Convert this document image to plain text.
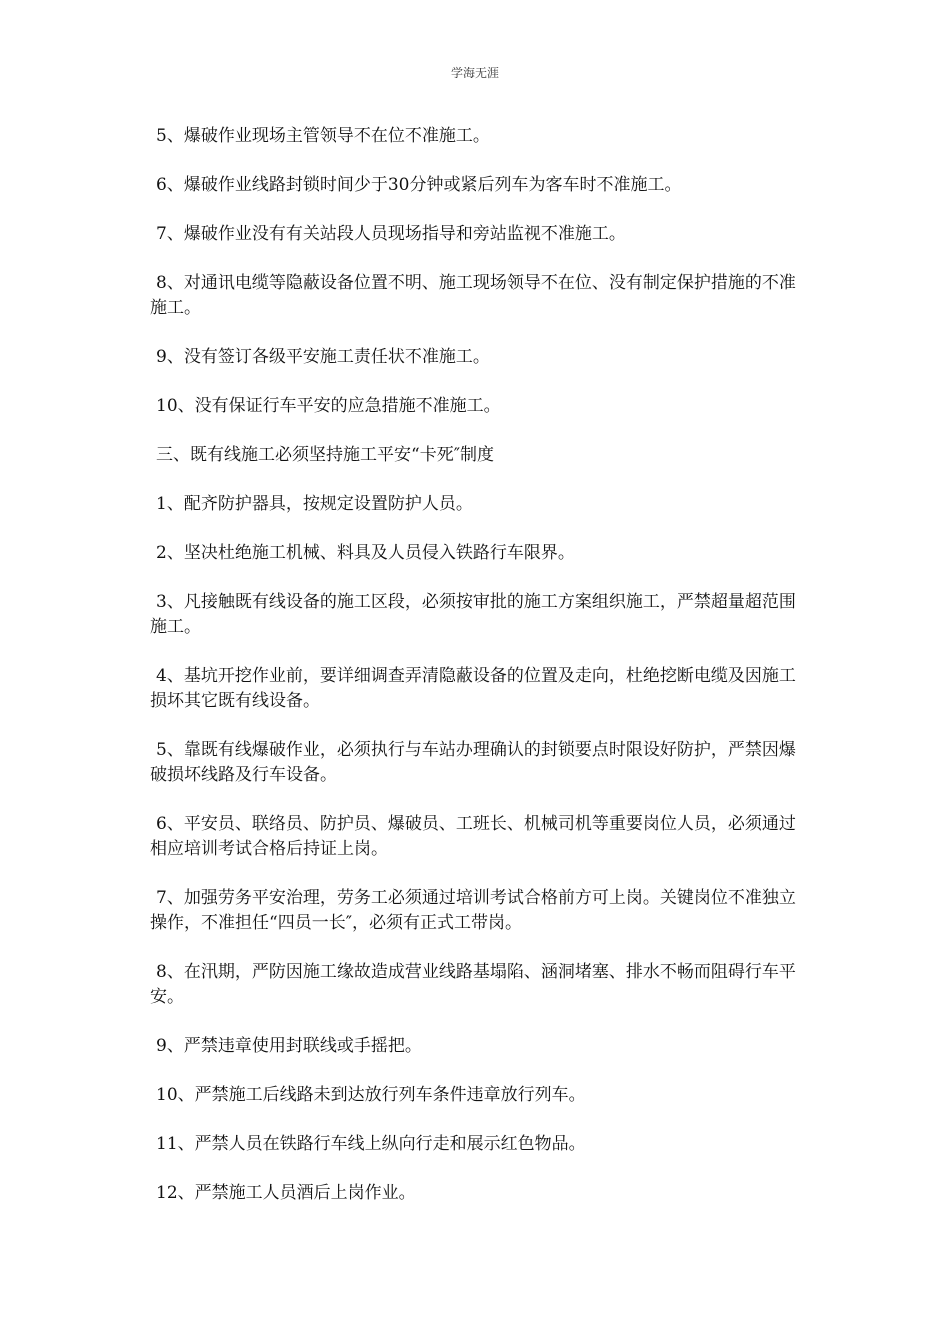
学海无涯

5、爆破作业现场主管领导不在位不准施工。

6、爆破作业线路封锁时间少于30分钟或紧后列车为客车时不准施工。

7、爆破作业没有有关站段人员现场指导和旁站监视不准施工。

8、对通讯电缆等隐蔽设备位置不明、施工现场领导不在位、没有制定保护措施的不准施工。

9、没有签订各级平安施工责任状不准施工。

10、没有保证行车平安的应急措施不准施工。

三、既有线施工必须坚持施工平安“卡死″制度

1、配齐防护器具，按规定设置防护人员。

2、坚决杜绝施工机械、料具及人员侵入铁路行车限界。

3、凡接触既有线设备的施工区段，必须按审批的施工方案组织施工，严禁超量超范围施工。

4、基坑开挖作业前，要详细调查弄清隐蔽设备的位置及走向，杜绝挖断电缆及因施工损坏其它既有线设备。

5、靠既有线爆破作业，必须执行与车站办理确认的封锁要点时限设好防护，严禁因爆破损坏线路及行车设备。

6、平安员、联络员、防护员、爆破员、工班长、机械司机等重要岗位人员，必须通过相应培训考试合格后持证上岗。

7、加强劳务平安治理，劳务工必须通过培训考试合格前方可上岗。关键岗位不准独立操作，不准担任“四员一长″，必须有正式工带岗。

8、在汛期，严防因施工缘故造成营业线路基塌陷、涵洞堵塞、排水不畅而阻碍行车平安。

9、严禁违章使用封联线或手摇把。

10、严禁施工后线路未到达放行列车条件违章放行列车。

11、严禁人员在铁路行车线上纵向行走和展示红色物品。

12、严禁施工人员酒后上岗作业。
